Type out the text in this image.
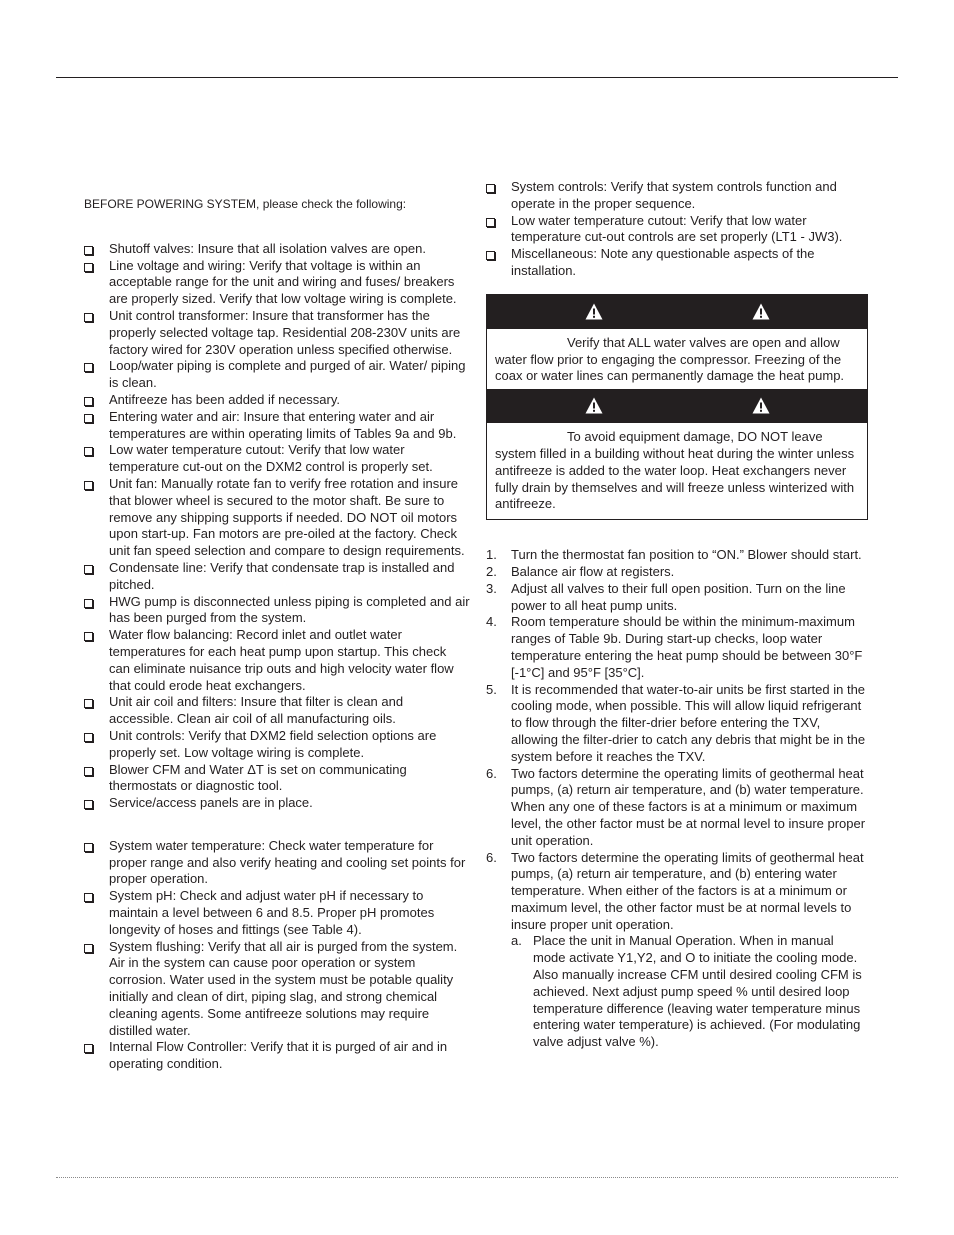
BEFORE POWERING SYSTEM, please check the following:

Shutoff valves: Insure that all isolation valves are open.
Line voltage and wiring: Verify that voltage is within an acceptable range for the unit and wiring and fuses/ breakers are properly sized. Verify that low voltage wiring is complete.
Unit control transformer: Insure that transformer has the properly selected voltage tap. Residential 208-230V units are factory wired for 230V operation unless specified otherwise.
Loop/water piping is complete and purged of air. Water/ piping is clean.
Antifreeze has been added if necessary.
Entering water and air: Insure that entering water and air temperatures are within operating limits of Tables 9a and 9b.
Low water temperature cutout: Verify that low water temperature cut-out on the DXM2 control is properly set.
Unit fan: Manually rotate fan to verify free rotation and insure that blower wheel is secured to the motor shaft. Be sure to remove any shipping supports if needed. DO NOT oil motors upon start-up. Fan motors are pre-oiled at the factory. Check unit fan speed selection and compare to design requirements.
Condensate line: Verify that condensate trap is installed and pitched.
HWG pump is disconnected unless piping is completed and air has been purged from the system.
Water flow balancing: Record inlet and outlet water temperatures for each heat pump upon startup. This check can eliminate nuisance trip outs and high velocity water flow that could erode heat exchangers.
Unit air coil and filters: Insure that filter is clean and accessible. Clean air coil of all manufacturing oils.
Unit controls: Verify that DXM2 field selection options are properly set. Low voltage wiring is complete.
Blower CFM and Water ΔT is set on communicating thermostats or diagnostic tool.
Service/access panels are in place.
System water temperature: Check water temperature for proper range and also verify heating and cooling set points for proper operation.
System pH: Check and adjust water pH if necessary to maintain a level between 6 and 8.5. Proper pH promotes longevity of hoses and fittings (see Table 4).
System flushing: Verify that all air is purged from the system. Air in the system can cause poor operation or system corrosion. Water used in the system must be potable quality initially and clean of dirt, piping slag, and strong chemical cleaning agents. Some antifreeze solutions may require distilled water.
Internal Flow Controller: Verify that it is purged of air and in operating condition.
System controls: Verify that system controls function and operate in the proper sequence.
Low water temperature cutout: Verify that low water temperature cut-out controls are set properly (LT1 - JW3).
Miscellaneous: Note any questionable aspects of the installation.
Verify that ALL water valves are open and allow water flow prior to engaging the compressor. Freezing of the coax or water lines can permanently damage the heat pump.
To avoid equipment damage, DO NOT leave system filled in a building without heat during the winter unless antifreeze is added to the water loop. Heat exchangers never fully drain by themselves and will freeze unless winterized with antifreeze.
1. Turn the thermostat fan position to “ON.” Blower should start.
2. Balance air flow at registers.
3. Adjust all valves to their full open position. Turn on the line power to all heat pump units.
4. Room temperature should be within the minimum-maximum ranges of Table 9b. During start-up checks, loop water temperature entering the heat pump should be between 30°F [-1°C] and 95°F [35°C].
5. It is recommended that water-to-air units be first started in the cooling mode, when possible. This will allow liquid refrigerant to flow through the filter-drier before entering the TXV, allowing the filter-drier to catch any debris that might be in the system before it reaches the TXV.
6. Two factors determine the operating limits of geothermal heat pumps, (a) return air temperature, and (b) water temperature. When any one of these factors is at a minimum or maximum level, the other factor must be at normal level to insure proper unit operation.
6. Two factors determine the operating limits of geothermal heat pumps, (a) return air temperature, and (b) entering water temperature. When either of the factors is at a minimum or maximum level, the other factor must be at normal levels to insure proper unit operation.
a. Place the unit in Manual Operation. When in manual mode activate Y1,Y2, and O to initiate the cooling mode. Also manually increase CFM until desired cooling CFM is achieved. Next adjust pump speed % until desired loop temperature difference (leaving water temperature minus entering water temperature) is achieved. (For modulating valve adjust valve %).
